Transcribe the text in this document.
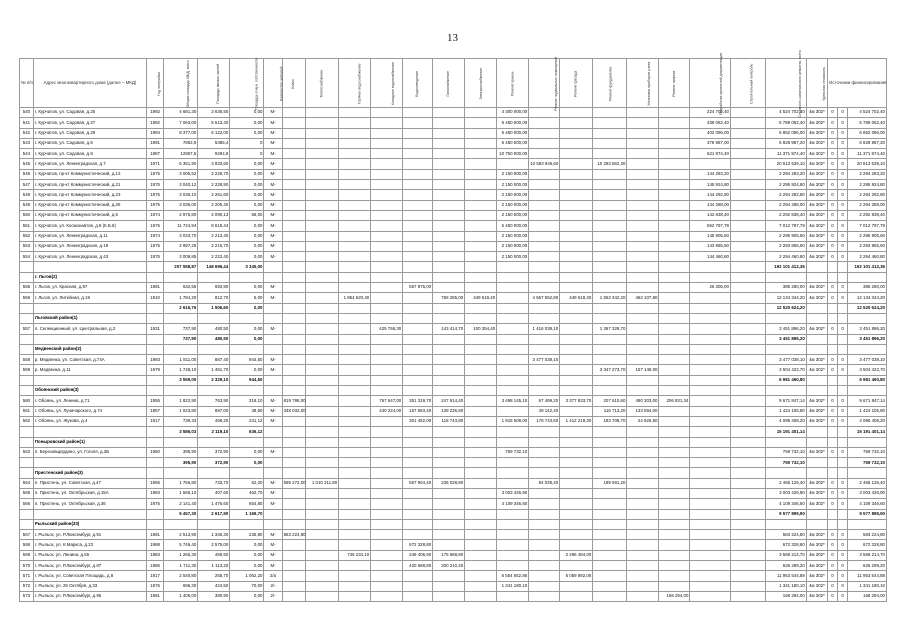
13
№ п/п	Адрес многоквартирного дома (далее – МКД)	Год постройки	Общая площадь МКД, всего	Площадь жилых частей	Площадь в мун. собственности	Количество жителей	Класс	Теплоснабжение	Горячее водоснабжение	Холодное водоснабжение	Водоотведение	Газоснабжение	Электроснабжение	Ремонт крыши	Ремонт подвальных помещений	Ремонт фасада	Ремонт фундамента	Установка приборов учета	Ремонт лифтов	Разработка проектной документации	Строительный контроль	Стоимость капитального ремонта, всего	Удельная стоимость	Источники финансирования		
540	г. Курчатов, ул. Садовая, д.25	1992	4 681,30	3 636,50	0,00	М-								4 300 000,00						224 702,40		4 524 702,40	4м 302*	0	0	4 524 702,40
541	г. Курчатов, ул. Садовая, д.27	1992	7 063,00	5 513,40	0,00	М-								6 450 000,00						339 062,40		6 789 062,40	4м 302*	0	0	6 789 062,40
542	г. Курчатов, ул. Садовая, д.29	1994	8 377,00	6 122,00	0,00	М-								6 450 000,00						402 096,00		6 852 096,00	4м 302*	0	0	6 852 096,00
543	г. Курчатов, ул. Садовая, д.6	1991	7853,9	5385,4	0	М-								6 450 000,00						378 987,00		6 828 987,20	4м 302*	0	0	6 828 987,20
544	г. Курчатов, ул. Садовая, д.8	1987	12957,5	9294,9	0	М-								10 750 000,00						621 974,40		11 371 974,40	4м 302*	0	0	11 371 974,40
545	г. Курчатов, ул. Ленинградская, д.7	1971	5 351,90	3 833,60	0,00	М-									10 583 946,60		10 293 582,30					20 613 539,10	4м 302*	0	0	20 613 539,10
546	г. Курчатов, пр-кт Коммунистический, д.13	1975	3 005,52	2 229,70	0,00	М-								2 150 000,00						144 283,20		2 294 283,20	4м 302*	0	0	2 294 283,20
547	г. Курчатов, пр-кт Коммунистический, д.21	1975	3 040,12	2 228,90	0,00	М-								2 150 000,00						145 924,80		2 295 924,80	4м 302*	0	0	2 295 924,80
548	г. Курчатов, пр-кт Коммунистический, д.23	1975	3 036,10	2 261,60	0,00	М-								2 150 000,00						144 292,80		2 294 292,80	4м 302*	0	0	2 294 292,80
549	г. Курчатов, пр-кт Коммунистический, д.25	1975	3 036,00	2 205,40	0,00	М-								2 150 000,00						144 288,00		2 294 288,00	4м 302*	0	0	2 294 288,00
550	г. Курчатов, пр-кт Коммунистический, д.5	1974	2 975,80	2 090,13	58,00	М-								2 150 000,00						142 838,40		2 292 838,40	4м 302*	0	0	2 292 838,40
551	г. Курчатов, ул. Космонавтов, д.8 (К.Б.8)	1975	11 724,94	8 618,44	0,00	М-								6 450 000,00						562 797,79		7 012 797,79	4м 302*	0	0	7 012 797,79
552	г. Курчатов, ул. Ленинградская, д.11	1974	3 033,70	2 213,40	0,00	М-								2 150 000,00						145 905,60		2 295 905,60	4м 302*	0	0	2 295 905,60
553	г. Курчатов, ул. Ленинградская, д.19	1975	2 997,25	2 215,70	0,00	М-								2 150 000,00						143 865,60		2 293 865,60	4м 302*	0	0	2 293 865,60
554	г. Курчатов, ул. Ленинградская, д.43	1975	3 009,85	2 222,40	0,00	М-								2 150 000,00						144 460,80		2 294 460,80	4м 302*	0	0	2 294 460,80
			207 558,87	148 696,44	3 345,00																	192 101 412,36				192 101 412,36
	г. Льгов(2)																									
555	г. Льгов, ул. Красная, д.97	1981	632,56	693,90	0,00	М-					557 975,00									26 305,00		386 280,00	4м 302*	0	0	386 280,00
556	г. Льгов, ул. Литейная, д.19	1910	1 784,20	812,70	5,00	М-			1 864 620,40			758 285,00	449 618,40		4 567 552,80	449 618,40	1 552 342,20	462 107,80				12 134 344,20	4м 302*	0	0	12 134 344,20
			2 616,76	1 506,60	0,00																	12 520 624,20				12 520 624,20
	Льговский район(1)																									
557	п. Селекционный, ул. Центральная, д.2	1931	737,90	480,50	0,00	М-				425 766,30		143 414,70	100 354,40		1 416 038,10		1 367 328,70					3 451 896,20	4м 302*	0	0	3 451 896,20
			737,90	480,50	0,00																	3 451 896,20				3 451 896,20
	Медвенский район(2)																									
558	р. Медвенка, ул. Советская, д.74А	1983	1 811,00	887,40	944,50	М-									3 477 038,10							3 477 038,10	4м 302*	0	0	3 477 038,10
559	р. Медвенка, д.11	1979	1 748,10	1 461,70	0,00	М-											3 347 273,70	157 149,00				3 504 422,70	4м 302*	0	0	3 504 422,70
			3 559,00	2 329,10	944,50																	6 981 460,80				6 981 460,80
	Обоянский район(3)																									
560	г. Обоянь, ул. Ленина, д.71	1955	1 822,90	763,90	318,10	М-	819 786,00			767 647,00	351 319,70	247 914,40		3 498 145,10	67 499,20	3 377 833,70	207 610,60	490 303,00	206 831,34			9 671 847,14	4м 302*	0	0	9 671 847,14
561	г. Обоянь, ул. Луначарского, д.74	1957	1 023,80	887,00	38,50	М-	348 032,00			440 224,00	157 583,40	139 236,80			49 142,40		116 713,20	133 594,00				1 424 105,80	4м 302*	0	0	1 424 105,80
562	г. Обоянь, ул. Жукова, д.4	1917	739,33	468,20	241,12	М-					301 452,00	118 743,80		1 815 608,00	178 743,60	1 412 219,30	183 708,70	24 925,50				4 095 408,20	4м 302*	0	0	4 095 408,20
			3 586,03	2 119,10	636,12																	15 191 401,14				15 191 401,14
	Поныровский район(1)																									
563	п. Березовщердино, ул. Гоголя, д.2Б	1960	395,90	372,90	0,00	М-								759 732,10								759 732,10	4м 302*	0	0	759 732,10
			395,90	372,90	0,00																	759 732,10				759 732,10
	Пристенский район(3)																									
564	п. Пристень, ул. Советская, д.47	1956	1 756,80	733,70	62,20	М-	595 272,00	1 010 211,80			557 904,40	236 028,80			84 038,40		199 591,20					2 465 126,40	4м 302*	0	0	2 465 126,40
565	п. Пристень, ул. Октябрьская, д.15А	1983	1 565,10	407,60	462,70	М-								3 003 426,90								3 003 426,90	4м 302*	0	0	3 003 426,90
566	п. Пристень, ул. Октябрьская, д.36	1975	2 141,40	1 476,60	654,80	М-								4 109 346,60								4 109 346,60	4м 302*	0	0	4 109 346,60
			5 457,30	2 617,90	1 169,70																	9 577 899,90				9 577 899,90
	Рыльский район(33)																									
567	г. Рыльск, ул. Р.Люксембург, д.91	1981	2 513,90	1 346,30	235,80	М-	583 224,80															583 224,80	4м 302*	0	0	583 224,80
568	г. Рыльск, ул. К.Маркса, д.23	1988	5 746,40	2 575,00	0,00	М-					672 328,80											672 328,80	4м 302*	0	0	672 328,80
569	г. Рыльск, ул. Ленина, д.55	1983	1 265,30	459,50	0,00	М-			746 234,10		249 406,90	175 688,80				2 296 484,00						3 568 214,70	4м 302*	0	0	3 568 214,70
570	г. Рыльск, ул. Р.Люксембург, д.87	1986	1 711,30	1 113,20	0,00	М-					420 688,80	200 210,40										626 299,20	4м 302*	0	0	626 299,20
571	г. Рыльск, ул. Советская Площадь, д.8	1917	2 540,80	255,70	1 062,20	2/а								6 554 652,86		5 059 892,06						11 953 544,88	4м 302*	0	0	11 953 544,88
572	г. Рыльск, ул. 25 Октября, д.33	1976	696,30	424,50	70,00	2/-								1 341 180,10								1 341 180,10	4м 302*	0	0	1 341 180,10
573	г. Рыльск, ул. Р.Люксембург, д.95	1981	1 406,00	380,90	0,00	2/-													168 294,00			168 294,00	4м 302*	0	0	168 294,00
